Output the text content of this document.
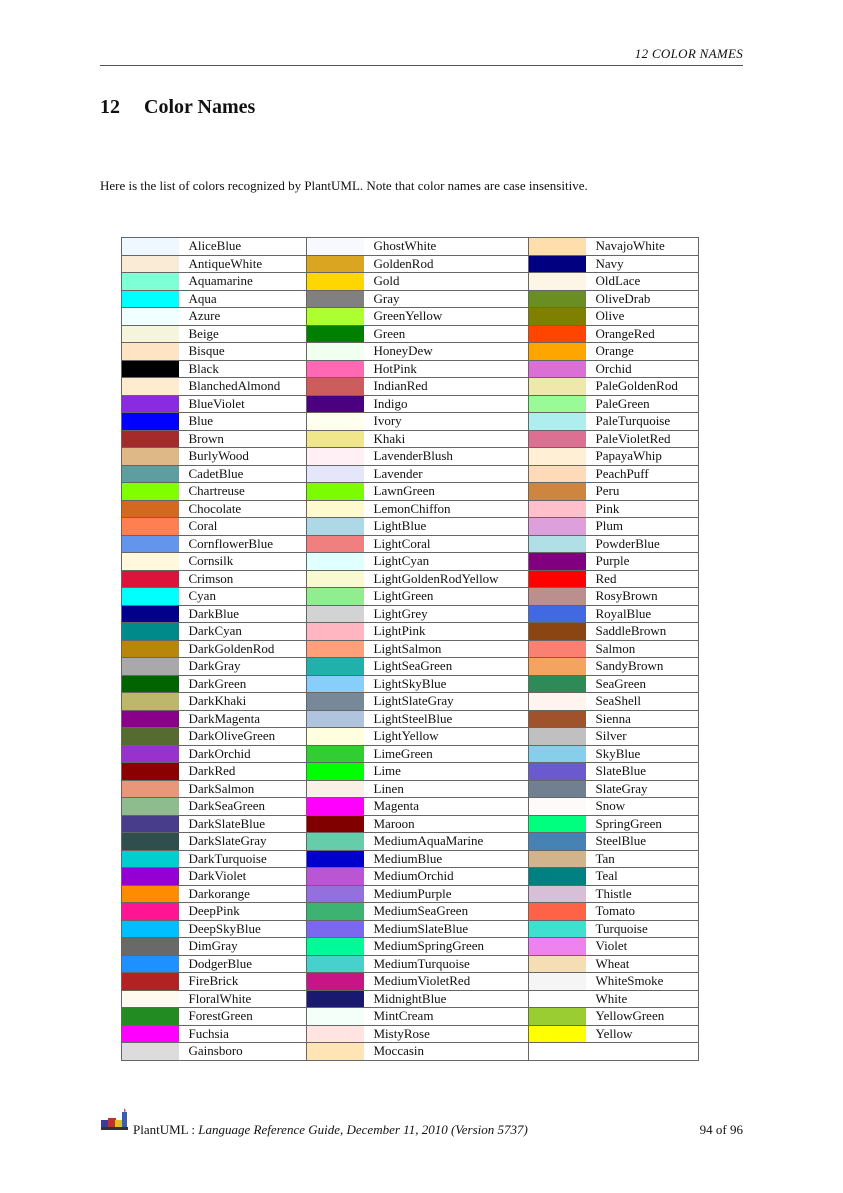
12 COLOR NAMES
12 Color Names
Here is the list of colors recognized by PlantUML. Note that color names are case insensitive.
	AliceBlue		GhostWhite		NavajoWhite
	AntiqueWhite		GoldenRod		Navy
	Aquamarine		Gold		OldLace
	Aqua		Gray		OliveDrab
	Azure		GreenYellow		Olive
	Beige		Green		OrangeRed
	Bisque		HoneyDew		Orange
	Black		HotPink		Orchid
	BlanchedAlmond		IndianRed		PaleGoldenRod
	BlueViolet		Indigo		PaleGreen
	Blue		Ivory		PaleTurquoise
	Brown		Khaki		PaleVioletRed
	BurlyWood		LavenderBlush		PapayaWhip
	CadetBlue		Lavender		PeachPuff
	Chartreuse		LawnGreen		Peru
	Chocolate		LemonChiffon		Pink
	Coral		LightBlue		Plum
	CornflowerBlue		LightCoral		PowderBlue
	Cornsilk		LightCyan		Purple
	Crimson		LightGoldenRodYellow		Red
	Cyan		LightGreen		RosyBrown
	DarkBlue		LightGrey		RoyalBlue
	DarkCyan		LightPink		SaddleBrown
	DarkGoldenRod		LightSalmon		Salmon
	DarkGray		LightSeaGreen		SandyBrown
	DarkGreen		LightSkyBlue		SeaGreen
	DarkKhaki		LightSlateGray		SeaShell
	DarkMagenta		LightSteelBlue		Sienna
	DarkOliveGreen		LightYellow		Silver
	DarkOrchid		LimeGreen		SkyBlue
	DarkRed		Lime		SlateBlue
	DarkSalmon		Linen		SlateGray
	DarkSeaGreen		Magenta		Snow
	DarkSlateBlue		Maroon		SpringGreen
	DarkSlateGray		MediumAquaMarine		SteelBlue
	DarkTurquoise		MediumBlue		Tan
	DarkViolet		MediumOrchid		Teal
	Darkorange		MediumPurple		Thistle
	DeepPink		MediumSeaGreen		Tomato
	DeepSkyBlue		MediumSlateBlue		Turquoise
	DimGray		MediumSpringGreen		Violet
	DodgerBlue		MediumTurquoise		Wheat
	FireBrick		MediumVioletRed		WhiteSmoke
	FloralWhite		MidnightBlue		White
	ForestGreen		MintCream		YellowGreen
	Fuchsia		MistyRose		Yellow
	Gainsboro		Moccasin		
PlantUML : Language Reference Guide, December 11, 2010 (Version 5737)	94 of 96
